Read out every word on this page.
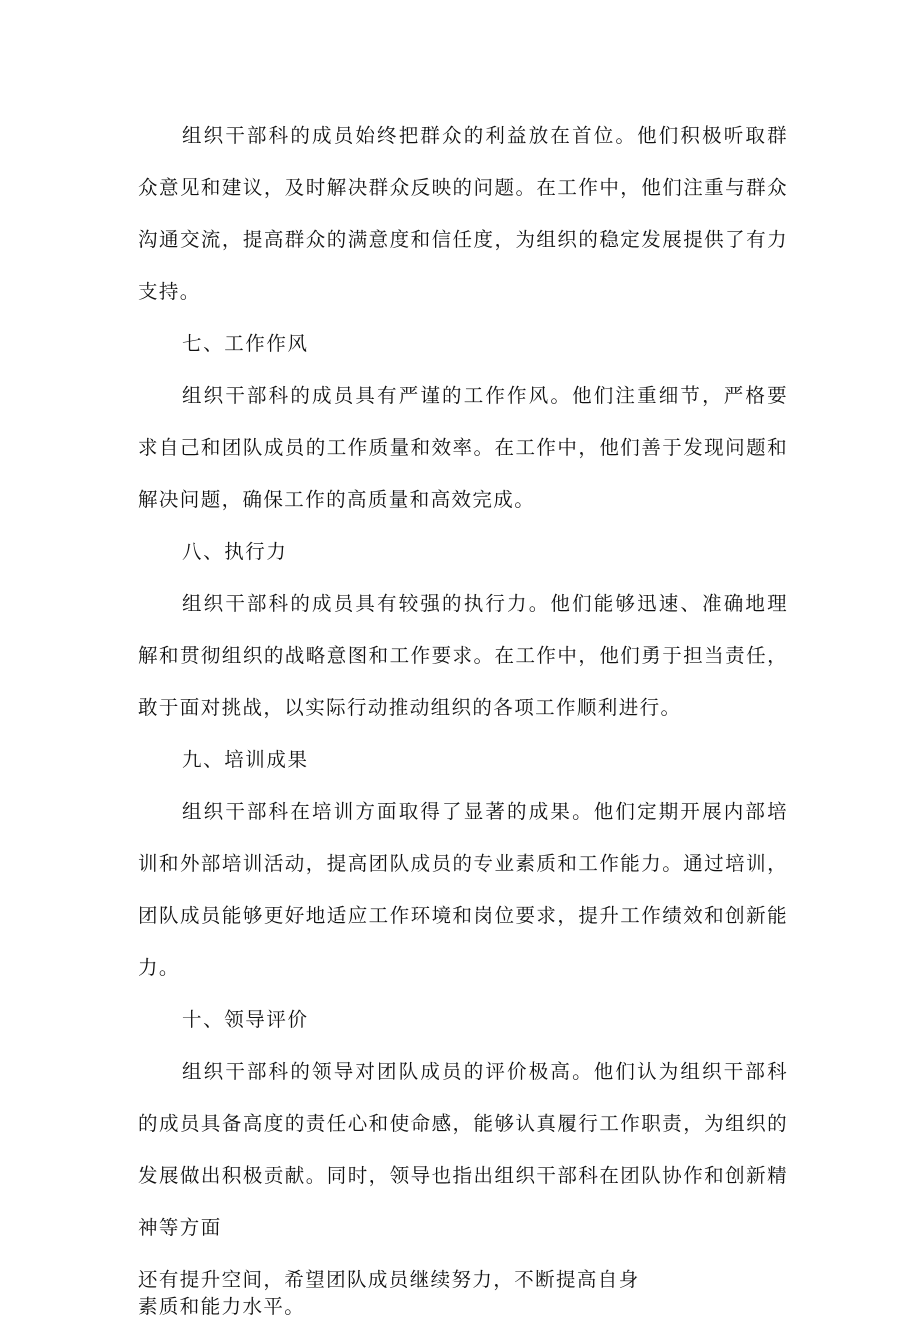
组织干部科的成员始终把群众的利益放在首位。他们积极听取群众意见和建议，及时解决群众反映的问题。在工作中，他们注重与群众沟通交流，提高群众的满意度和信任度，为组织的稳定发展提供了有力支持。

七、工作作风

组织干部科的成员具有严谨的工作作风。他们注重细节，严格要求自己和团队成员的工作质量和效率。在工作中，他们善于发现问题和解决问题，确保工作的高质量和高效完成。

八、执行力

组织干部科的成员具有较强的执行力。他们能够迅速、准确地理解和贯彻组织的战略意图和工作要求。在工作中，他们勇于担当责任，敢于面对挑战，以实际行动推动组织的各项工作顺利进行。

九、培训成果

组织干部科在培训方面取得了显著的成果。他们定期开展内部培训和外部培训活动，提高团队成员的专业素质和工作能力。通过培训，团队成员能够更好地适应工作环境和岗位要求，提升工作绩效和创新能力。

十、领导评价

组织干部科的领导对团队成员的评价极高。他们认为组织干部科的成员具备高度的责任心和使命感，能够认真履行工作职责，为组织的发展做出积极贡献。同时，领导也指出组织干部科在团队协作和创新精神等方面

还有提升空间，希望团队成员继续努力，不断提高自身

素质和能力水平。
